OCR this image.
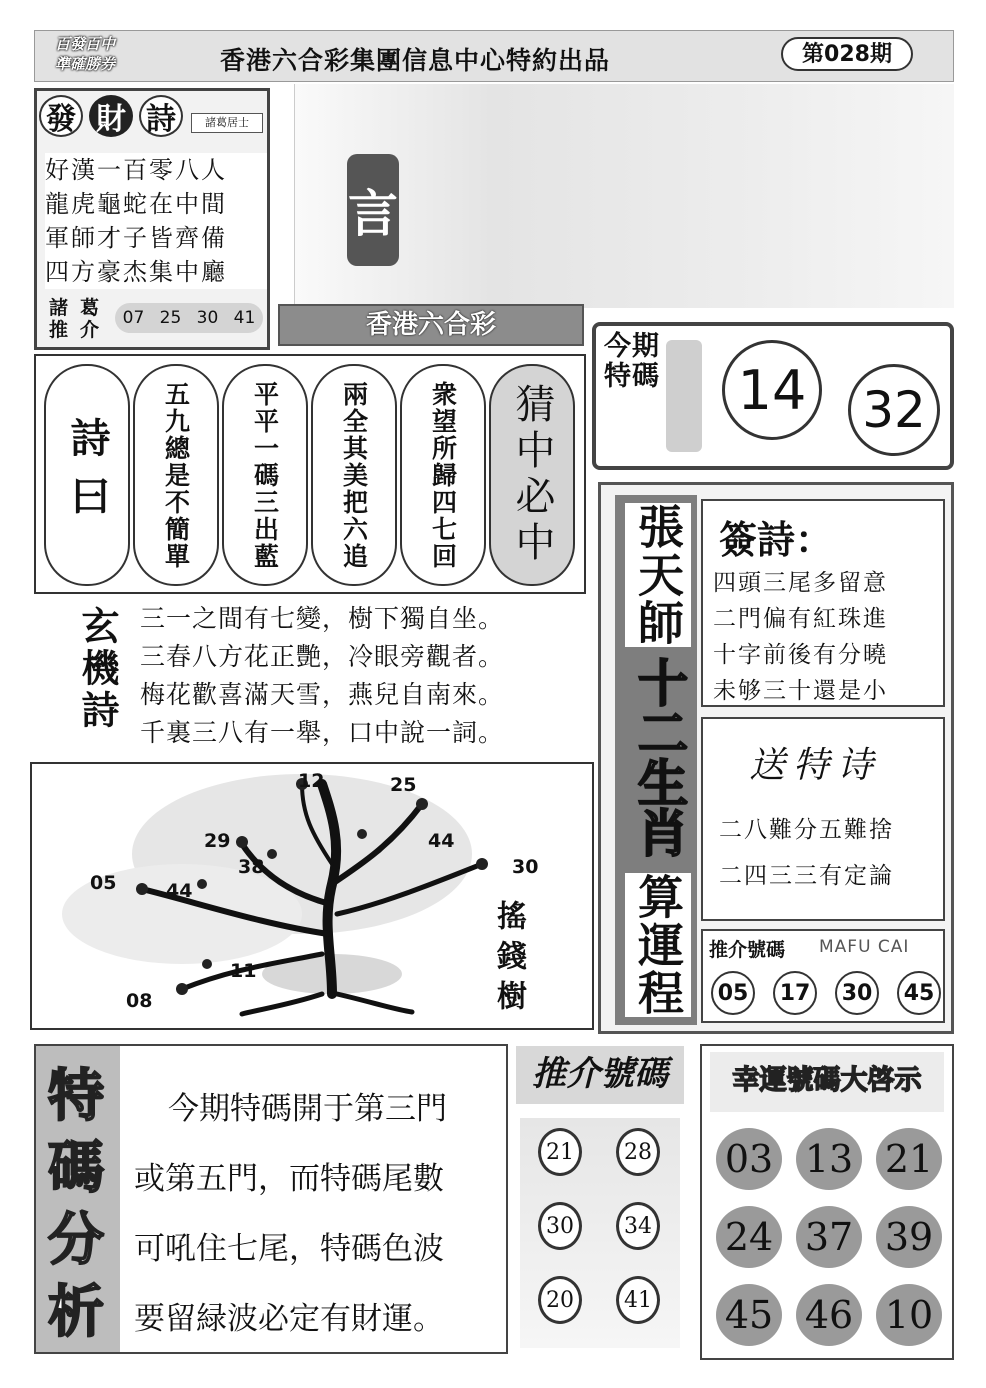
百發百中
準確勝券	香港六合彩集團信息中心特約出品	第028期
發 財 詩	諸葛居士
好漢一百零八人
龍虎龜蛇在中間
軍師才子皆齊備
四方豪杰集中廳
諸葛
推介
07 25 30 41
言
香港六合彩
詩曰 五九總是不簡單 平平一碼三出藍 兩全其美把六追 衆望所歸四七回 猜中必中
今期特碼 14	32
玄機詩 三一之間有七變，樹下獨自坐。
三春八方花正艷，冷眼旁觀者。
梅花歡喜滿天雪，燕兒自南來。
千裏三八有一舉，口中說一詞。
12	25
29
38
44
30
05	44
11
08	搖錢樹
張天師
十二生肖
算運程
簽詩：
四頭三尾多留意
二門偏有紅珠進
十字前後有分曉
未够三十還是小
送特诗
二八難分五難捨
二四三三有定論
推介號碼 MAFU CAI
05	17	30	45
特
碼
分
析
今期特碼開于第三門
或第五門，而特碼尾數
可吼住七尾，特碼色波
要留緑波必定有財運。
推介號碼
21	28
30	34
20	41
幸運號碼大啓示
03 13 21
24 37 39
45 46 10
